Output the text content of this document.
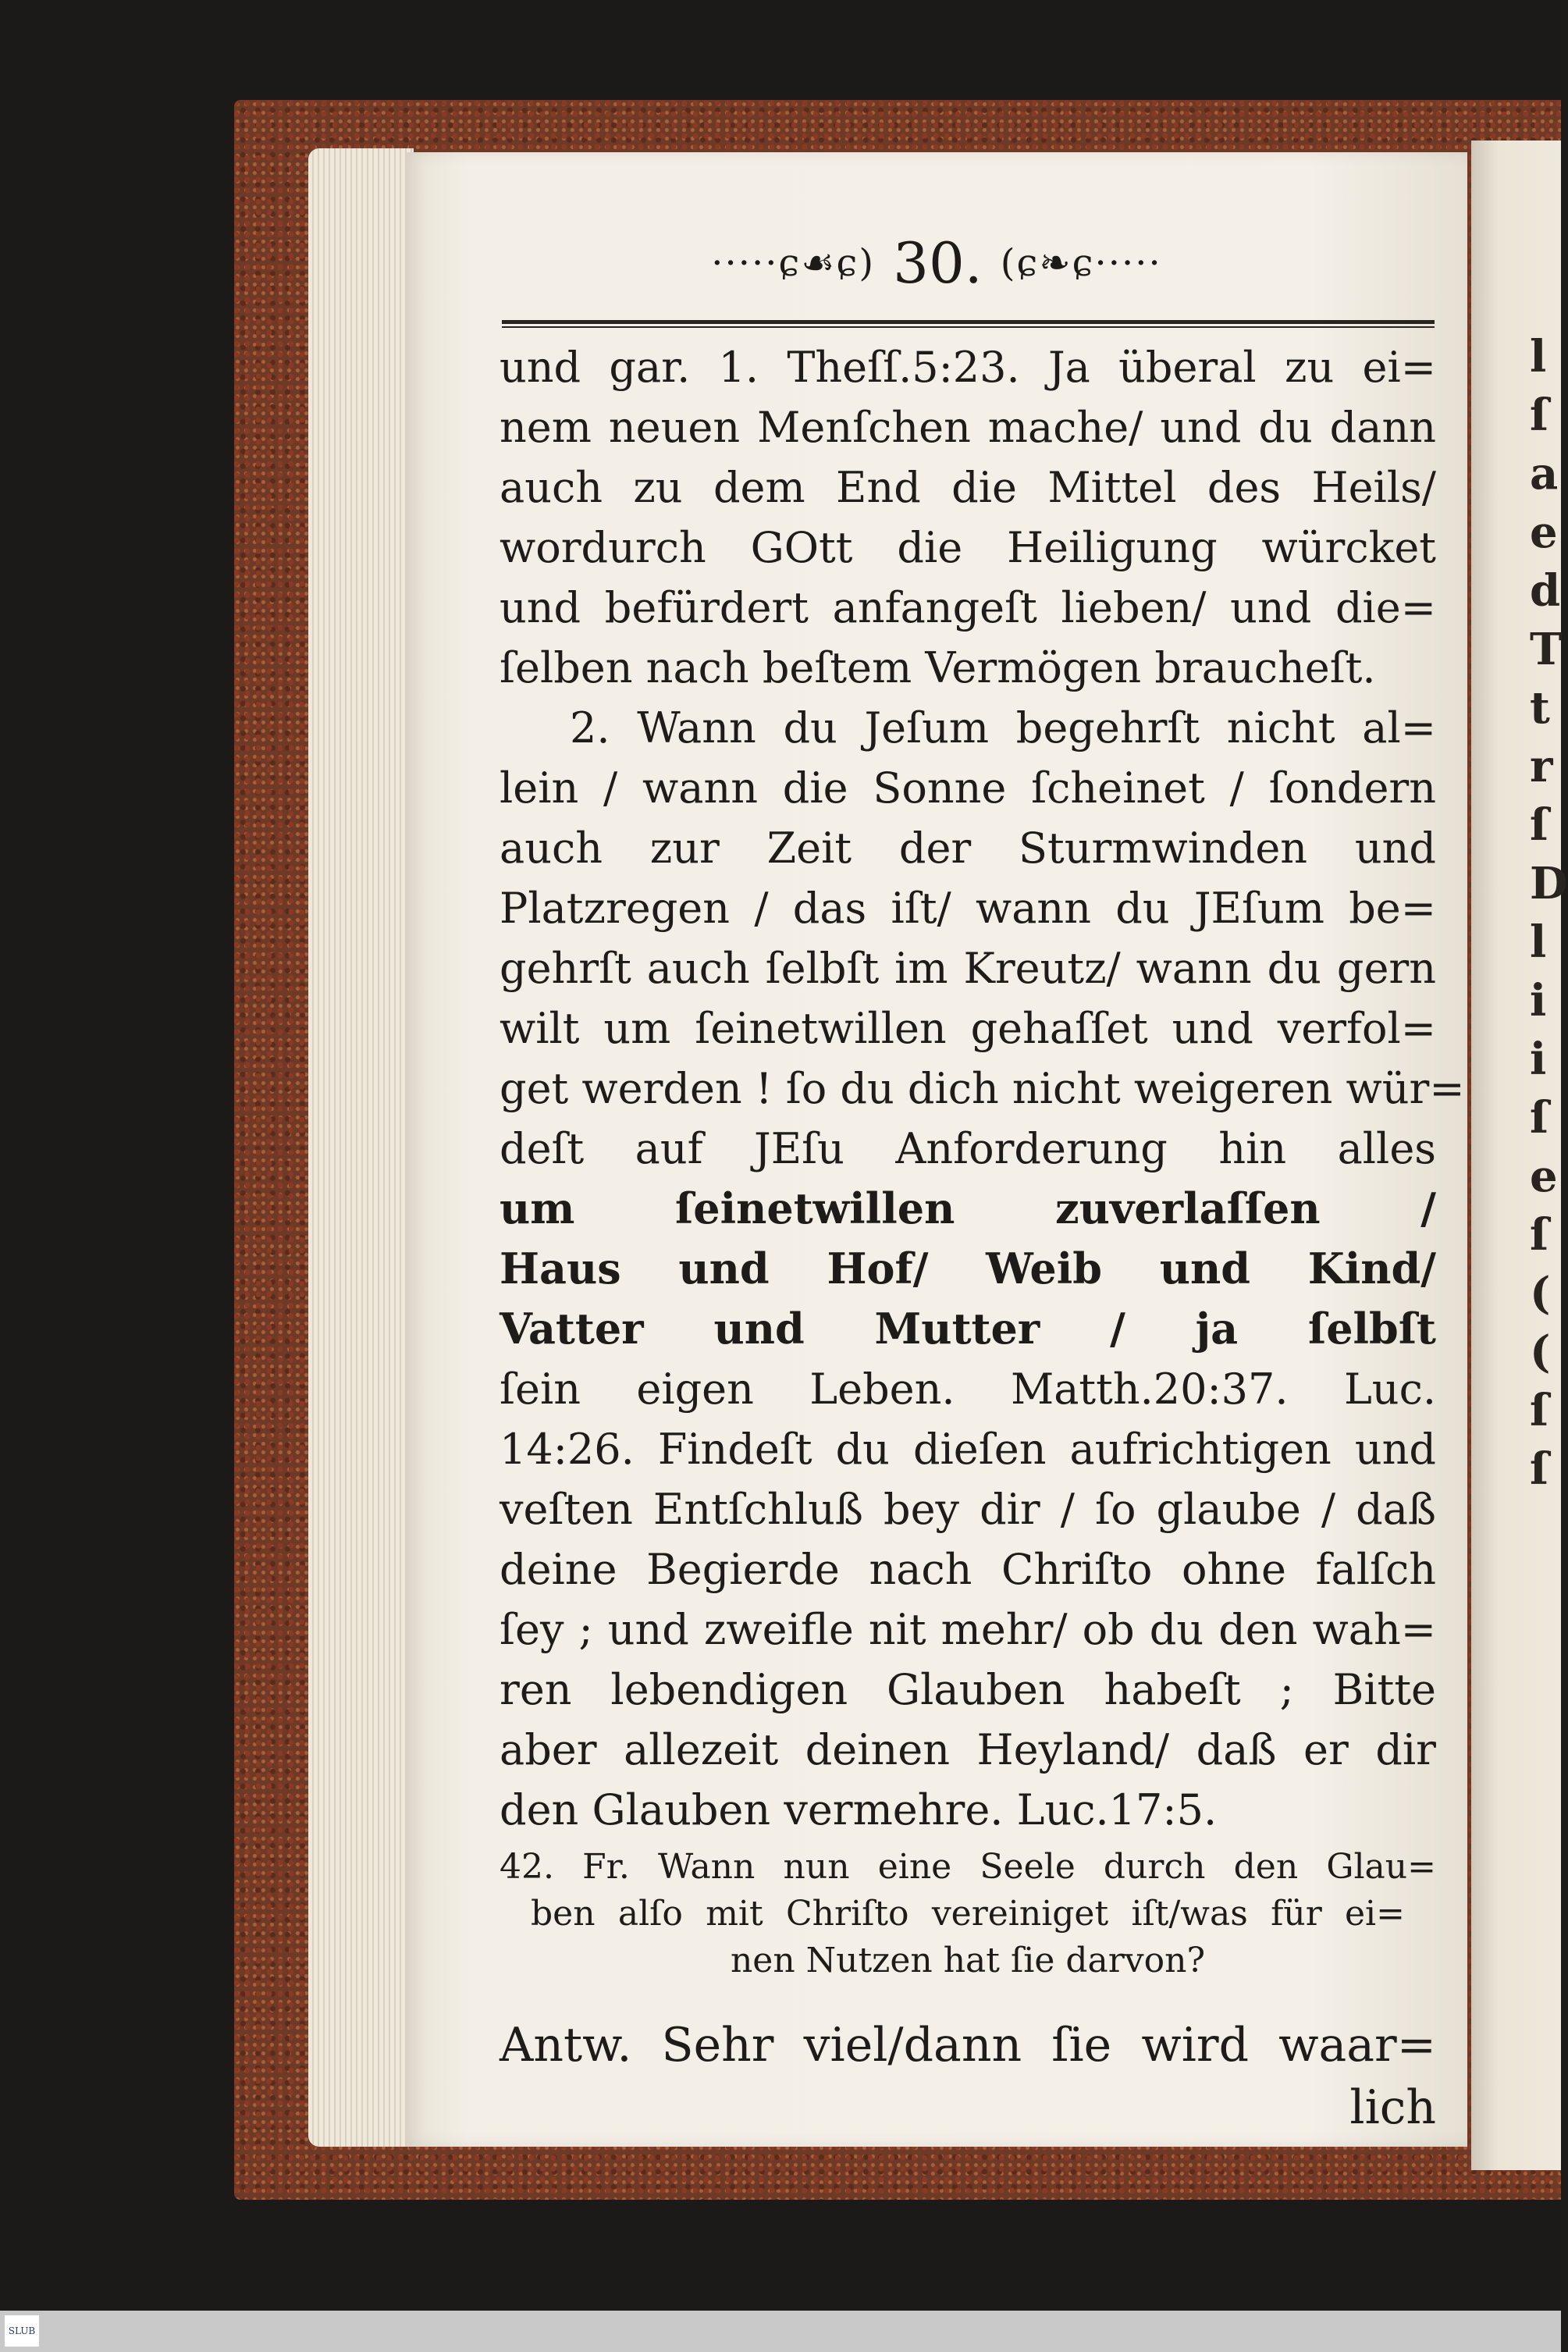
l
ſ
a
e
d
T
t
r
ſ
D
l
i
i
ſ
e
ſ
(
(
ſ
ſ
·····ɕ☙ɕ) 30. (ɕ❧ɕ·····
und gar. 1. Theſſ.5:23. Ja überal zu ei=
nem neuen Menſchen mache/ und du dann
auch zu dem End die Mittel des Heils/
wordurch GOtt die Heiligung würcket
und befürdert anfangeſt lieben/ und die=
ſelben nach beſtem Vermögen braucheſt.
2. Wann du Jeſum begehrſt nicht al=
lein / wann die Sonne ſcheinet / ſondern
auch zur Zeit der Sturmwinden und
Platzregen / das iſt/ wann du JEſum be=
gehrſt auch ſelbſt im Kreutz/ wann du gern
wilt um ſeinetwillen gehaſſet und verfol=
get werden ! ſo du dich nicht weigeren wür=
deſt auf JEſu Anforderung hin alles
um ſeinetwillen zuverlaſſen /
Haus und Hof/ Weib und Kind/
Vatter und Mutter / ja ſelbſt
ſein eigen Leben. Matth.20:37. Luc.
14:26. Findeſt du dieſen aufrichtigen und
veſten Entſchluß bey dir / ſo glaube / daß
deine Begierde nach Chriſto ohne falſch
ſey ; und zweifle nit mehr/ ob du den wah=
ren lebendigen Glauben habeſt ; Bitte
aber allezeit deinen Heyland/ daß er dir
den Glauben vermehre. Luc.17:5.
42. Fr. Wann nun eine Seele durch den Glau=
ben alſo mit Chriſto vereiniget iſt/was für ei=
nen Nutzen hat ſie darvon?
Antw. Sehr viel/dann ſie wird waar=
lich
SLUB
